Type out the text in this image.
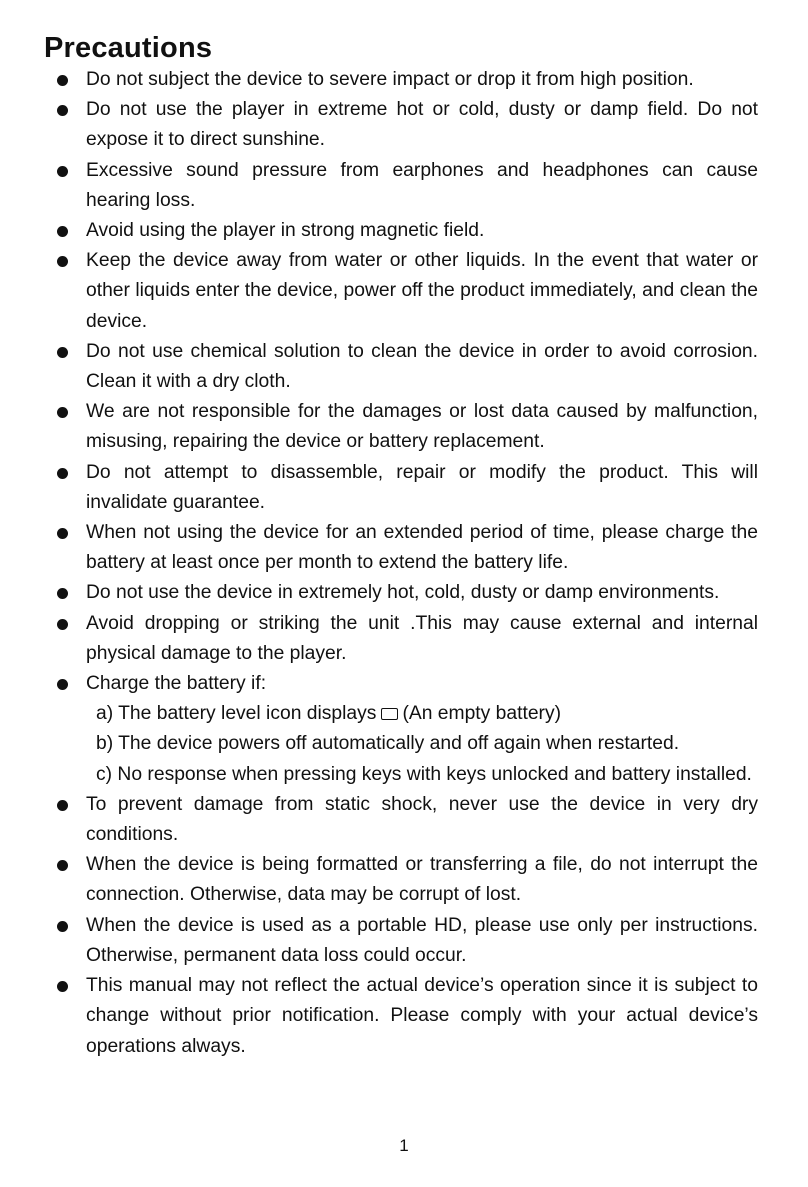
Precautions
Do not subject the device to severe impact or drop it from high position.
Do not use the player in extreme hot or cold, dusty or damp field. Do not expose it to direct sunshine.
Excessive sound pressure from earphones and headphones can cause hearing loss.
Avoid using the player in strong magnetic field.
Keep the device away from water or other liquids. In the event that water or other liquids enter the device, power off the product immediately, and clean the device.
Do not use chemical solution to clean the device in order to avoid corrosion. Clean it with a dry cloth.
We are not responsible for the damages or lost data caused by malfunction, misusing, repairing the device or battery replacement.
Do not attempt to disassemble, repair or modify the product. This will invalidate guarantee.
When not using the device for an extended period of time, please charge the battery at least once per month to extend the battery life.
Do not use the device in extremely hot, cold, dusty or damp environments.
Avoid dropping or striking the unit .This may cause external and internal physical damage to the player.
Charge the battery if:
a) The battery level icon displays (An empty battery)
b) The device powers off automatically and off again when restarted.
c) No response when pressing keys with keys unlocked and battery installed.
To prevent damage from static shock, never use the device in very dry conditions.
When the device is being formatted or transferring a file, do not interrupt the connection. Otherwise, data may be corrupt of lost.
When the device is used as a portable HD, please use only per instructions. Otherwise, permanent data loss could occur.
This manual may not reflect the actual device’s operation since it is subject to change without prior notification. Please comply with your actual device’s operations always.
1
